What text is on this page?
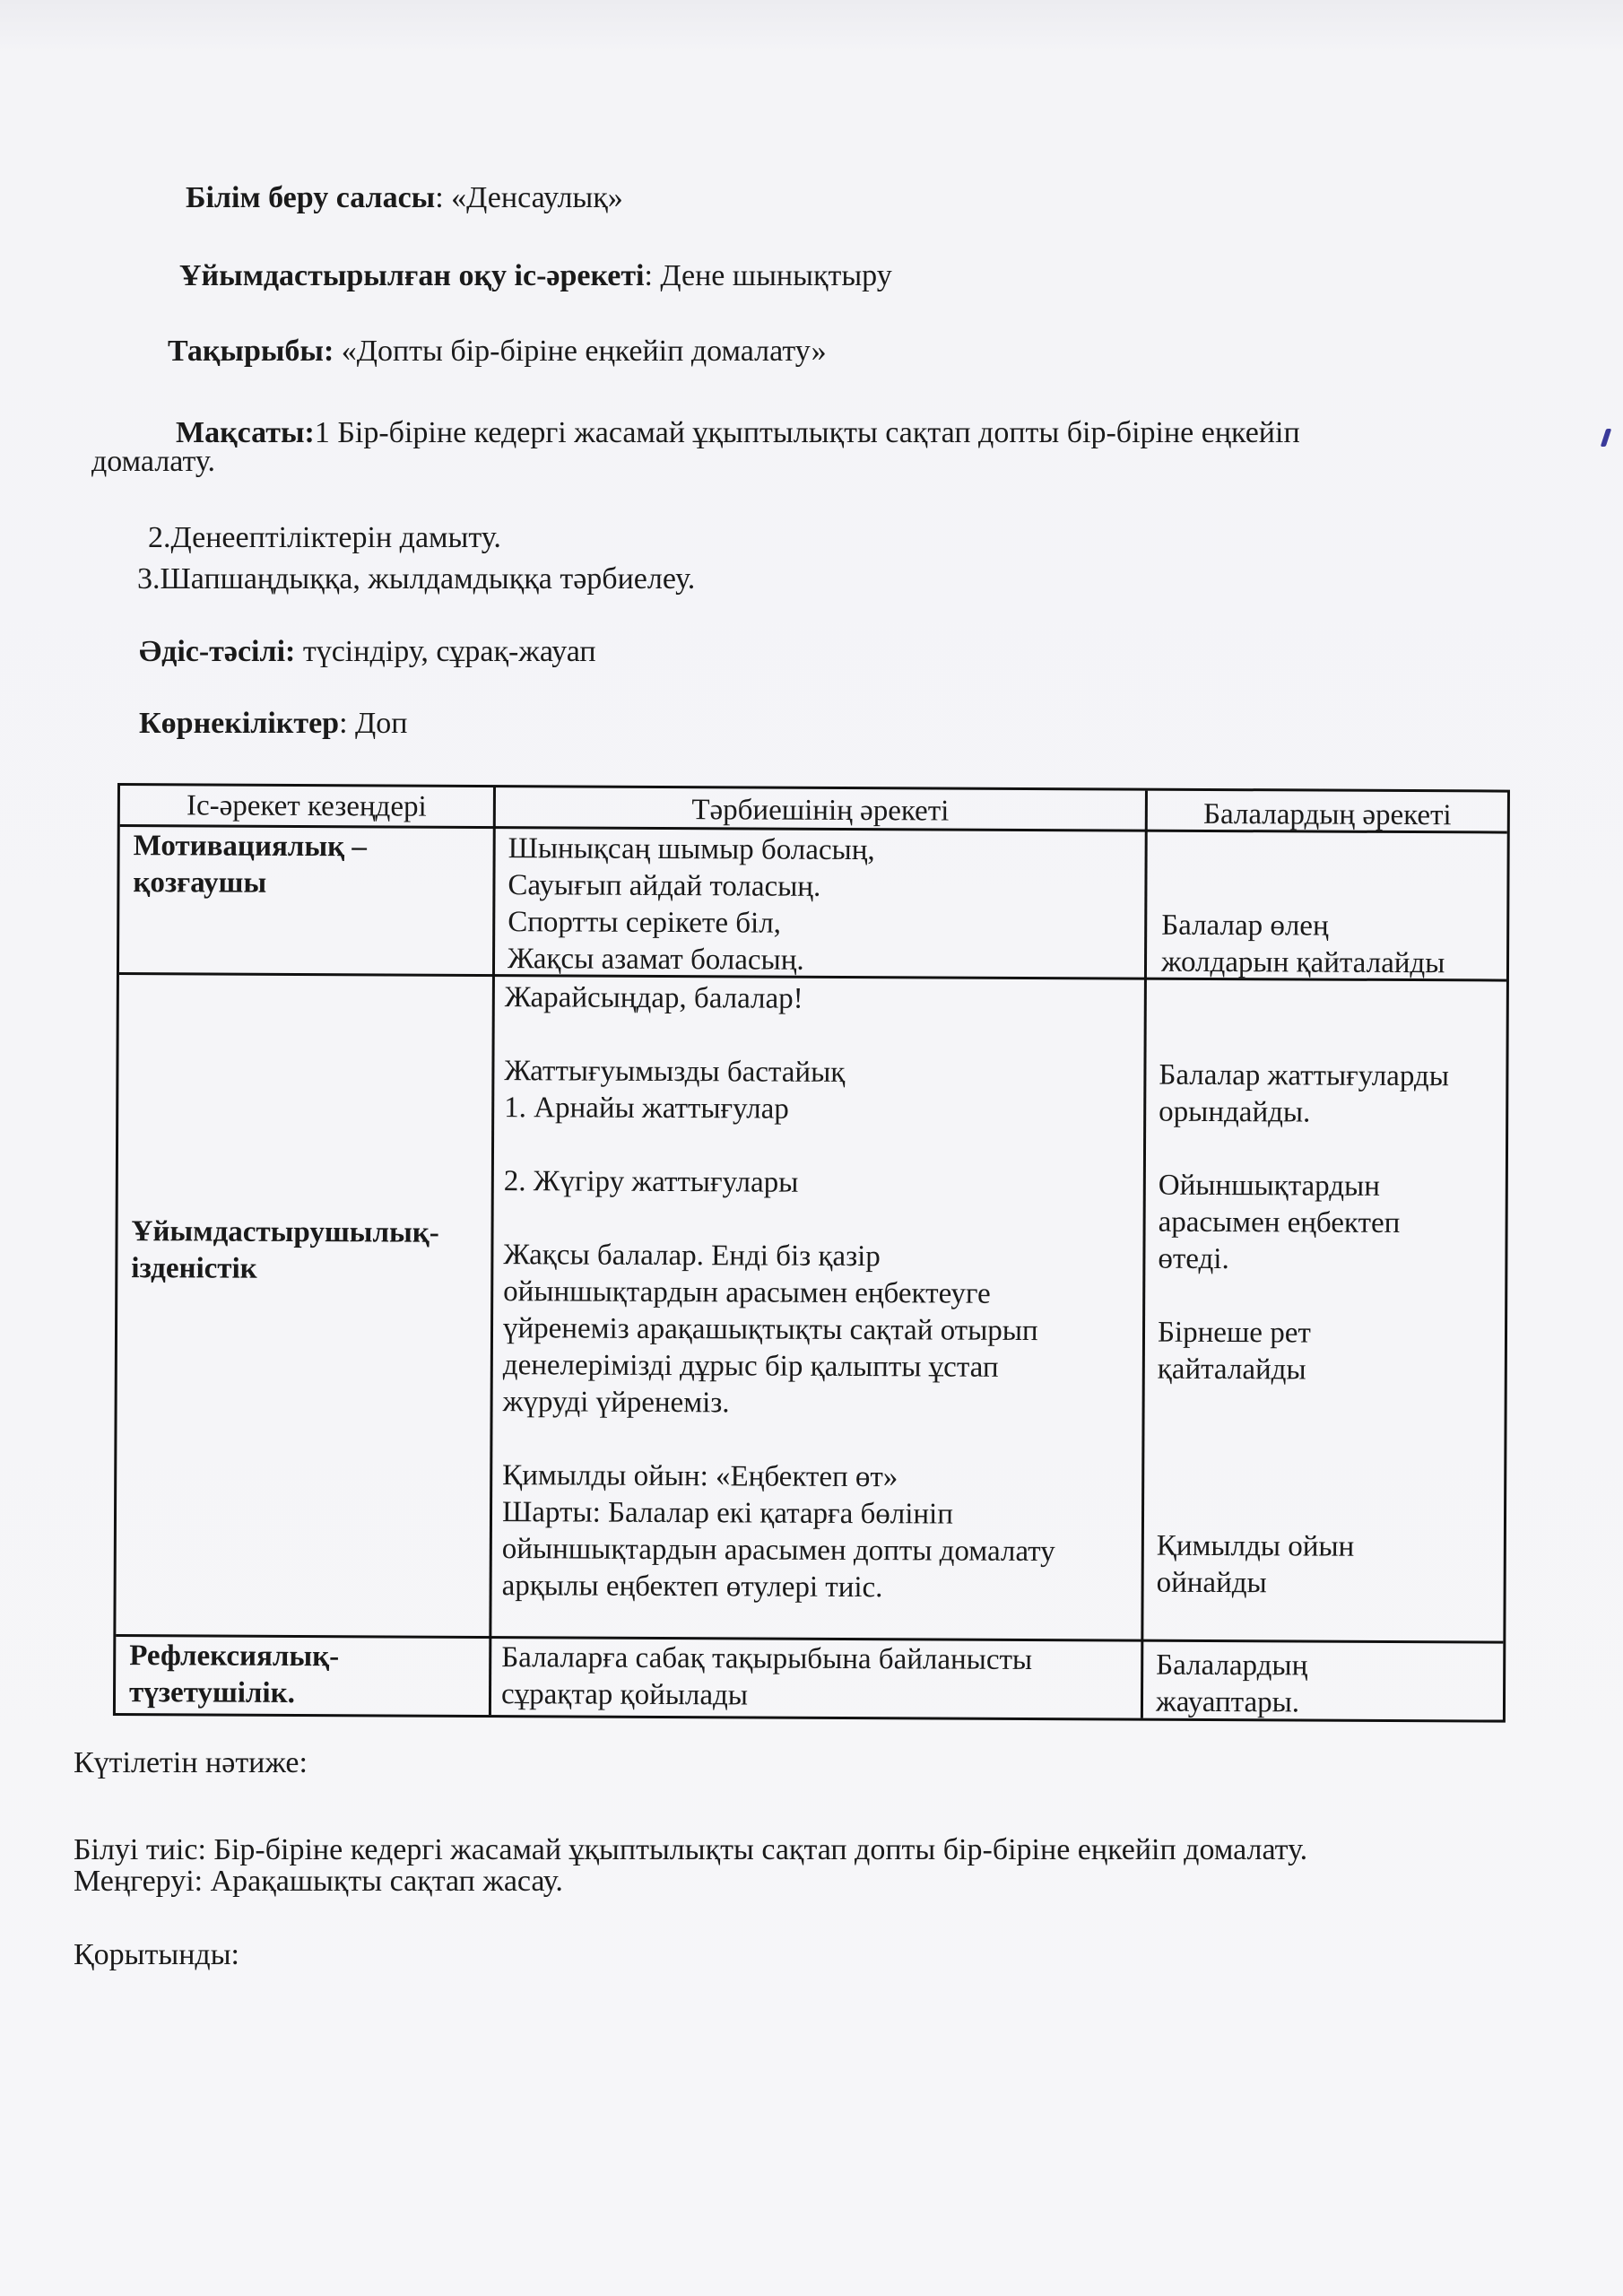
Білім беру саласы: «Денсаулық»
Ұйымдастырылған оқу іс-әрекеті: Дене шынықтыру
Тақырыбы: «Допты бір-біріне еңкейіп домалату»
Мақсаты:1 Бір-біріне кедергі жасамай ұқыптылықты сақтап допты бір-біріне еңкейіп
домалату.
2.Денеептіліктерін дамыту.
3.Шапшаңдыққа, жылдамдыққа тәрбиелеу.
Әдіс-тәсілі: түсіндіру, сұрақ-жауап
Көрнекіліктер: Доп
Іс-әрекет кезеңдері	Тәрбиешінің әрекеті	Балалардың әрекеті
Мотивациялық –
қозғаушы
Шынықсаң шымыр боласың,
Сауығып айдай толасың.
Спортты серікете біл,
Жақсы азамат боласың.
Балалар өлең
жолдарын қайталайды
Ұйымдастырушылық-
ізденістік
Жарайсыңдар, балалар!
Жаттығуымызды бастайық
1. Арнайы жаттығулар
2. Жүгіру жаттығулары
Жақсы балалар. Енді біз қазір
ойыншықтардын арасымен еңбектеуге
үйренеміз арақашықтықты сақтай отырып
денелерімізді дұрыс бір қалыпты ұстап
жүруді үйренеміз.
Қимылды ойын: «Еңбектеп өт»
Шарты: Балалар екі қатарға бөлініп
ойыншықтардын арасымен допты домалату
арқылы еңбектеп өтулері тиіс.
Балалар жаттығуларды
орындайды.
Ойыншықтардын
арасымен еңбектеп
өтеді.
Бірнеше рет
қайталайды
Қимылды ойын
ойнайды
Рефлексиялық-
түзетушілік.
Балаларға сабақ тақырыбына байланысты
сұрақтар қойылады
Балалардың
жауаптары.
Күтілетін нәтиже:
Білуі тиіс: Бір-біріне кедергі жасамай ұқыптылықты сақтап допты бір-біріне еңкейіп домалату.
Меңгеруі: Арақашықты сақтап жасау.
Қорытынды:
